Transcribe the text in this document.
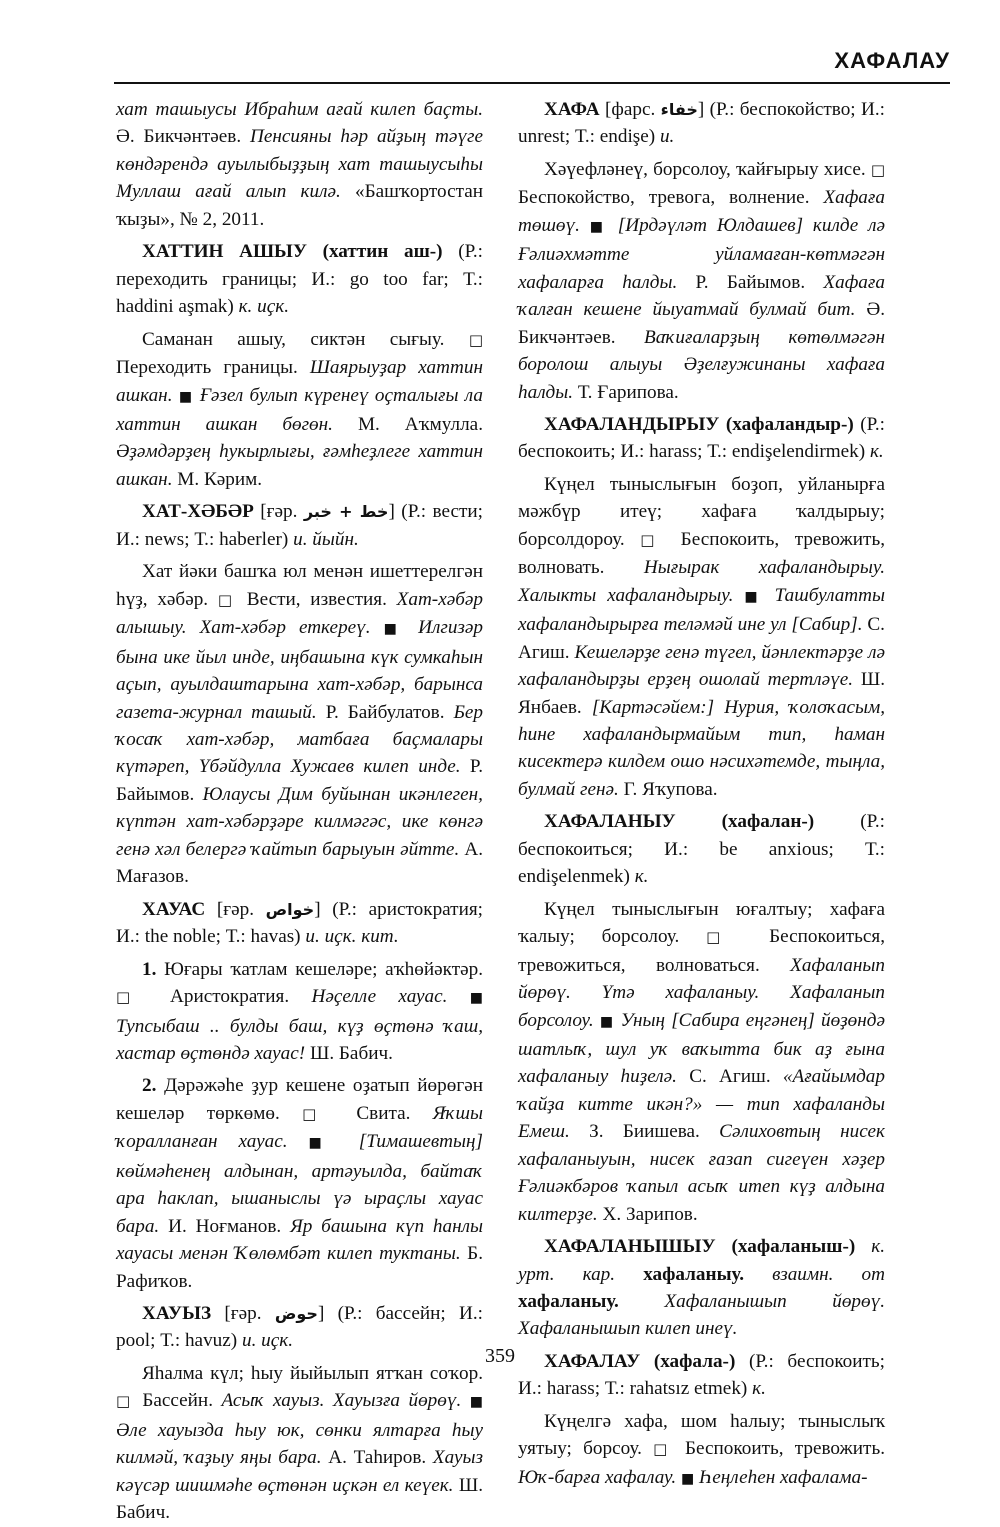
ХАФАЛАУ

хат ташыусы Ибраһим ағай килеп баҫты. Ә. Бикчәнтәев. Пенсияны һәр айҙың тәүге көндәрендә ауылыбыҙҙың хат ташыусыһы Муллаш ағай алып килә. «Башҡортостан ҡыҙы», № 2, 2011.

ХАТТИН АШЫУ (хаттин аш-) (Р.: переходить границы; И.: go too far; Т.: haddini aşmak) к. иҫк.

Саманан ашыу, сиктән сығыу. □ Переходить границы. Шаярыуҙар хаттин ашкан. ■ Ғәзел булып күренеү оҫталығы ла хаттин ашкан бөгөн. М. Аҡмулла. Әҙәмдәрҙең һукырлығы, ғәмһеҙлеге хаттин ашкан. М. Кәрим.

ХАТ-ХӘБӘР [ғәр. خط + خبر] (Р.: вести; И.: news; Т.: haberler) и. йыйн.

Хат йәки башҡа юл менән ишеттерелгән һүҙ, хәбәр. □ Вести, известия. Хат-хәбәр алышыу. Хат-хәбәр еткереү. ■ Илгизәр бына ике йыл инде, иңбашына күк сумкаһын аҫып, ауылдаштарына хат-хәбәр, барынса газета-журнал ташый. Р. Байбулатов. Бер ҡосаҡ хат-хәбәр, матбаға баҫмалары күтәреп, Үбәйдулла Хужаев килеп инде. Р. Байымов. Юлаусы Дим буйынан икәнлеген, күптән хат-хәбәрҙәре килмәгәс, ике көнгә генә хәл белергә ҡайтып барыуын әйтте. А. Мағазов.

ХАУАС [ғәр. خواص] (Р.: аристократия; И.: the noble; Т.: havas) и. иҫк. кит.

1. Юғары ҡатлам кешеләре; аҡһөйәктәр. □ Аристократия. Нәҫелле хауас. ■ Тупсыбаш .. булды баш, күҙ өҫтөнә ҡаш, хастар өҫтөндә хауас! Ш. Бабич.

2. Дәрәжәһе ҙур кешене оҙатып йөрөгән кешеләр төркөмө. □ Свита. Яҡшы ҡоралланған хауас. ■ [Тимашевтың] көймәһенең алдынан, артәуылда, байтаҡ ара һаклап, ышаныслы үә ыраҫлы хауас бара. И. Ноғманов. Яр башына күп һанлы хауасы менән Ҡөлөмбәт килеп туктаны. Б. Рафиҡов.

ХАУЫЗ [ғәр. حوض] (Р.: бассейн; И.: pool; Т.: havuz) и. иҫк.

Яһалма күл; һыу йыйылып ятҡан соҡор. □ Бассейн. Асыҡ хауыз. Хауызға йөрөү. ■ Әле хауызда һыу юк, сөнки ялтарға һыу килмәй, ҡаҙыу яңы бара. А. Таһиров. Хауыз кәүсәр шишмәһе өҫтөнән иҫкән ел кеүек. Ш. Бабич.

ХАФА [фарс. خفاء] (Р.: беспокойство; И.: unrest; Т.: endişe) и.

Хәүефләнеү, борсолоу, ҡайғырыу хисе. □ Беспокойство, тревога, волнение. Хафаға төшөү. ■ [Ирдәүләт Юлдашев] килде лә Ғәлиәхмәтте уйламаған-көтмәгән хафаларға һалды. Р. Байымов. Хафаға ҡалған кешене йыуатмай булмай бит. Ә. Бикчәнтәев. Ваҡиғаларҙың көтөлмәгән боролош алыуы Әҙелғужинаны хафаға һалды. Т. Ғарипова.

ХАФАЛАНДЫРЫУ (хафаландыр-) (Р.: беспокоить; И.: harass; Т.: endişelendirmek) к.

Күңел тыныслығын боҙоп, уйланырға мәжбүр итеү; хафаға ҡалдырыу; борсолдороу. □ Беспокоить, тревожить, волновать. Нығырак хафаландырыу. Халыкты хафаландырыу. ■ Ташбулатты хафаландырырға теләмәй ине ул [Сабир]. С. Агиш. Кешеләрҙе генә түгел, йәнлектәрҙе лә хафаландырҙы ерҙең ошолай тертләүе. Ш. Янбаев. [Картәсәйем:] Нурия, ҡолоҡасым, һине хафаландырмайым тип, һаман кисектерә килдем ошо нәсихәтемде, тыңла, булмай генә. Г. Яҡупова.

ХАФАЛАНЫУ (хафалан-) (Р.: беспокоиться; И.: be anxious; Т.: endişelenmek) к.

Күңел тыныслығын юғалтыу; хафаға ҡалыу; борсолоу. □ Беспокоиться, тревожиться, волноваться. Хафаланып йөрөү. Үтә хафаланыу. Хафаланып борсолоу. ■ Уның [Сабира еңгәнең] йөҙөндә шатлыҡ, шул уҡ ваҡытта бик аҙ ғына хафаланыу һиҙелә. С. Агиш. «Ағайымдар ҡайҙа китте икән?» — тип хафаланды Емеш. З. Биишева. Сәлиховтың нисек хафаланыуын, нисек ғазап сигеүен хәҙер Ғәлиәкбәров ҡапыл асыҡ итеп күҙ алдына килтерҙе. Х. Зарипов.

ХАФАЛАНЫШЫУ (хафаланыш-) к. урт. кар. хафаланыу. взаимн. от хафаланыу. Хафаланышып йөрөү. Хафаланышып килеп инеү.

ХАФАЛАУ (хафала-) (Р.: беспокоить; И.: harass; Т.: rahatsız etmek) к.

Күңелгә хафа, шом һалыу; тыныслыҡ уятыу; борсоу. □ Беспокоить, тревожить. Юҡ-барға хафалау. ■ Һеңлеһен хафалама-

359
